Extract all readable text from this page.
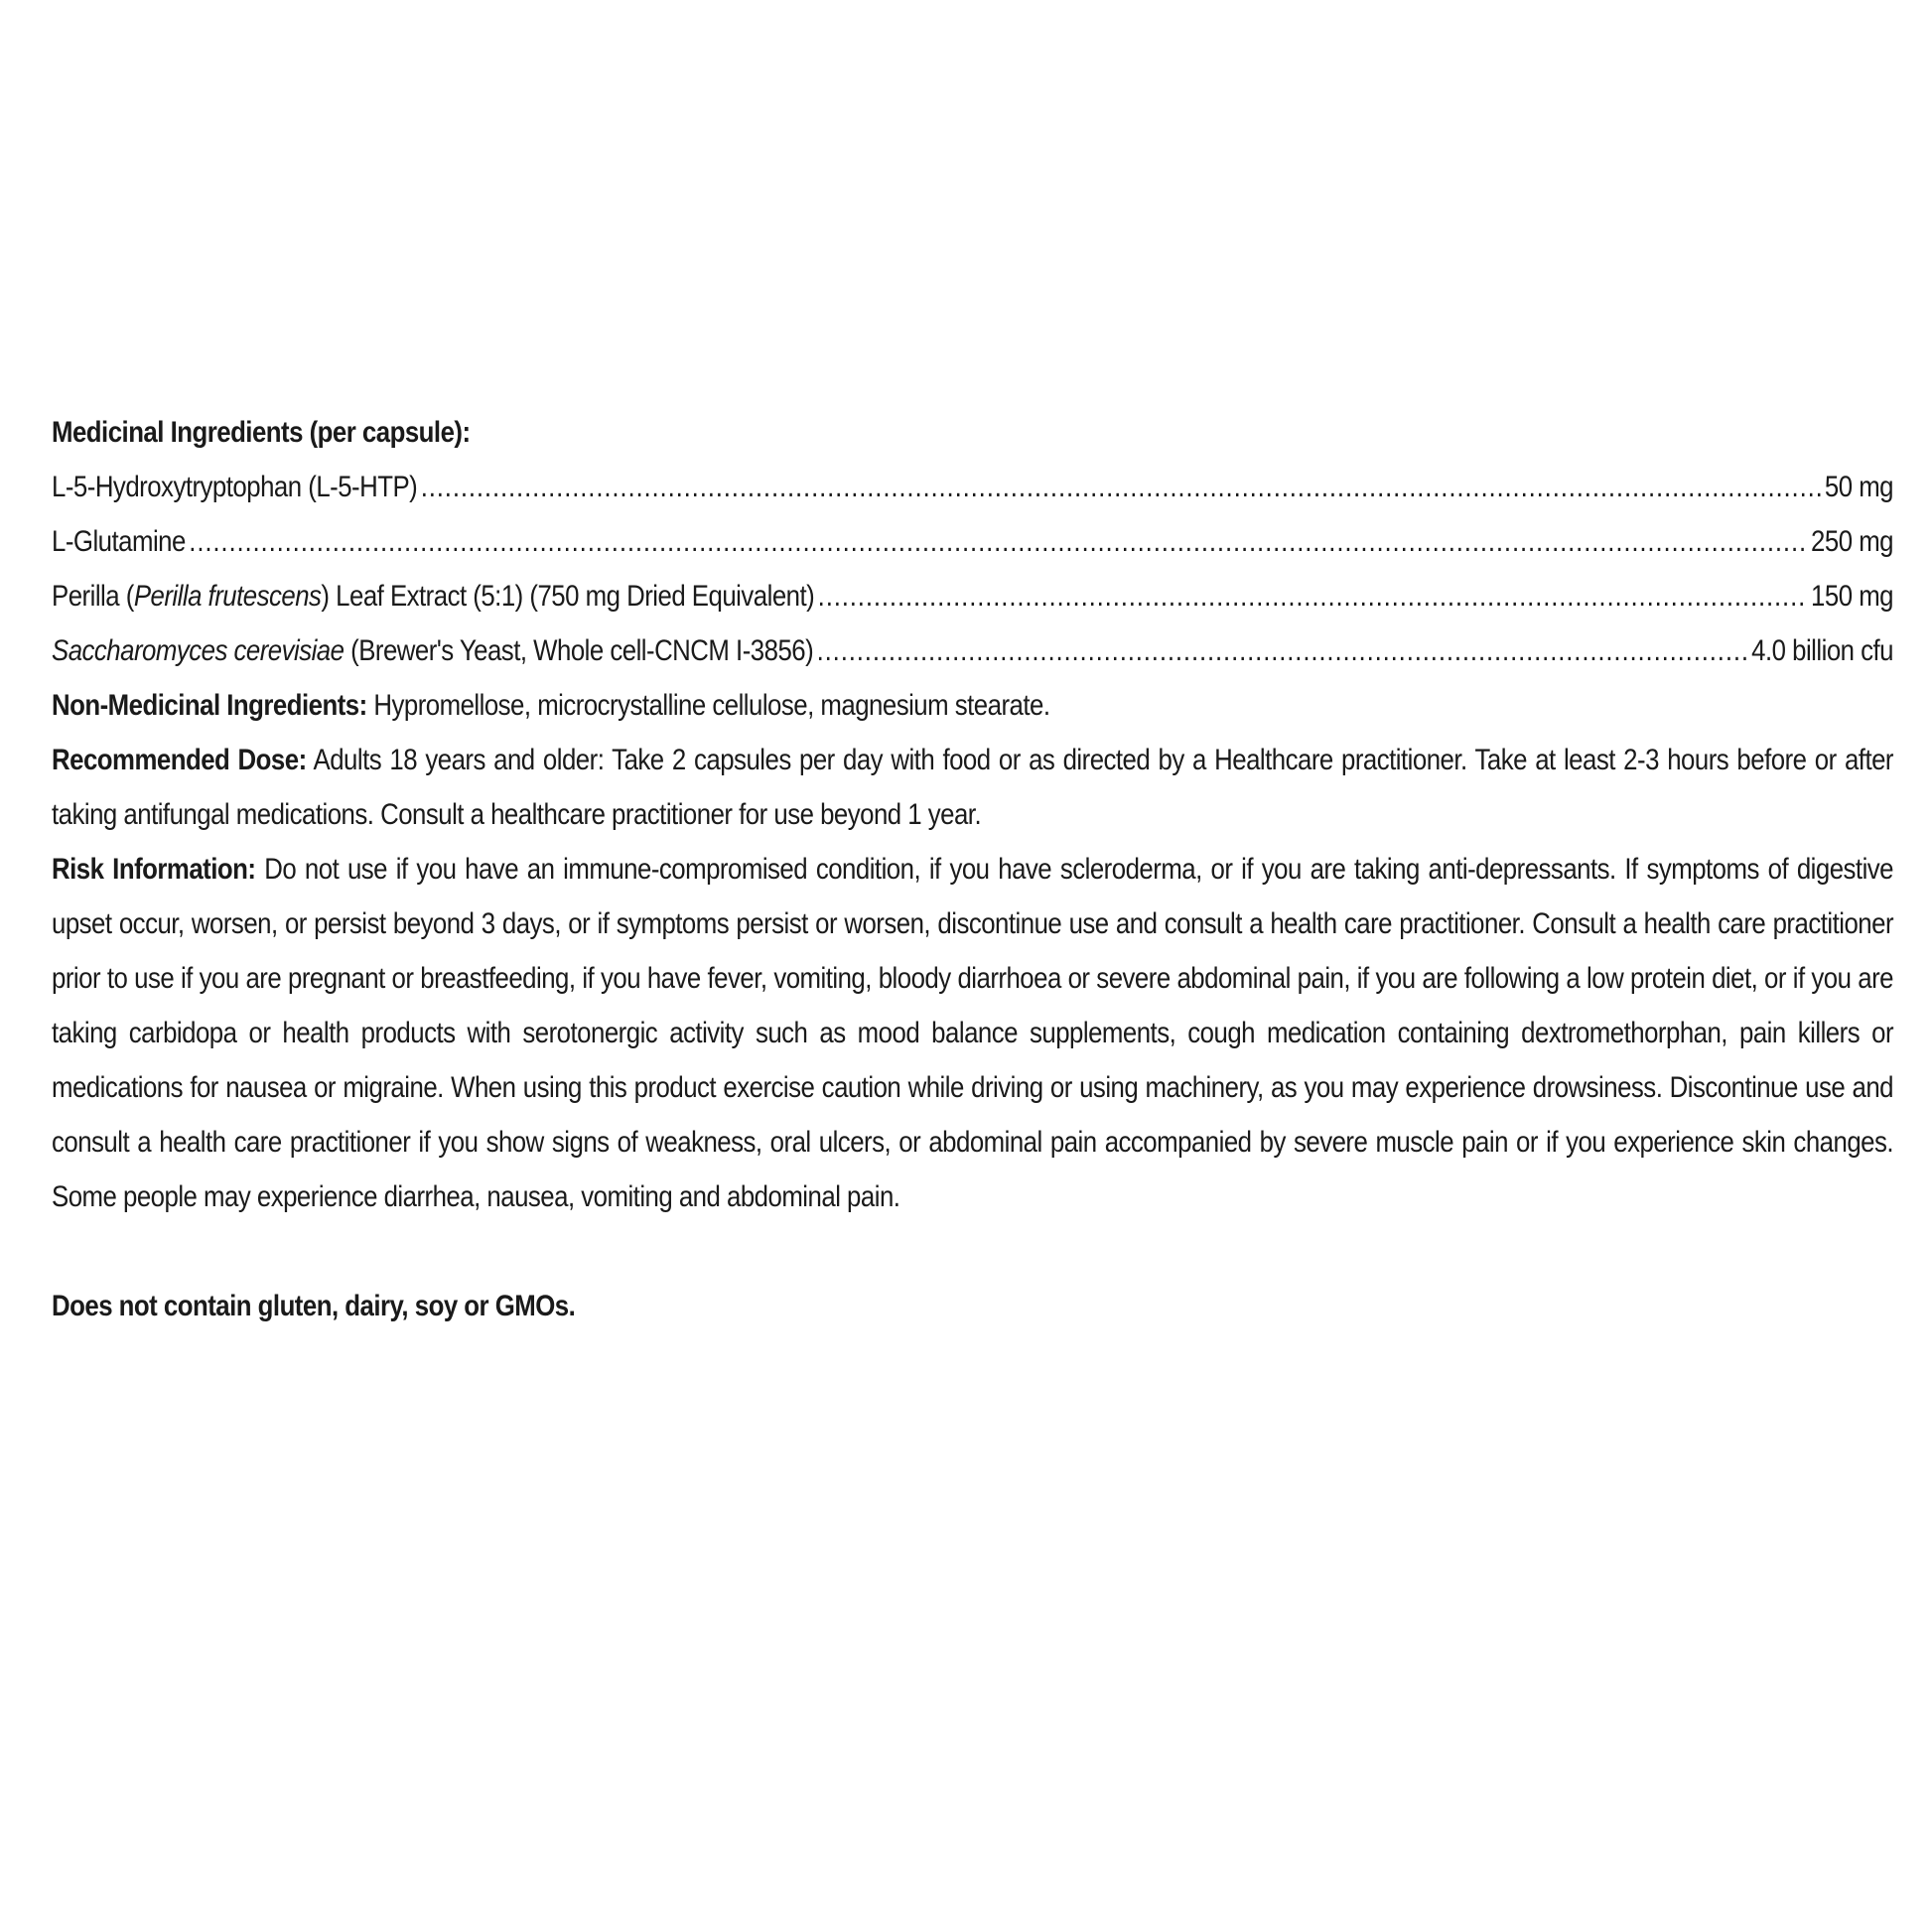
Medicinal Ingredients (per capsule):
L-5-Hydroxytryptophan (L-5-HTP) .....	50 mg
L-Glutamine .....	250 mg
Perilla (Perilla frutescens) Leaf Extract (5:1) (750 mg Dried Equivalent) .....	150 mg
Saccharomyces cerevisiae (Brewer's Yeast, Whole cell-CNCM I-3856) .....	4.0 billion cfu

Non-Medicinal Ingredients: Hypromellose, microcrystalline cellulose, magnesium stearate.

Recommended Dose: Adults 18 years and older: Take 2 capsules per day with food or as directed by a Healthcare practitioner. Take at least 2-3 hours before or after taking antifungal medications. Consult a healthcare practitioner for use beyond 1 year.

Risk Information: Do not use if you have an immune-compromised condition, if you have scleroderma, or if you are taking anti-depressants. If symptoms of digestive upset occur, worsen, or persist beyond 3 days, or if symptoms persist or worsen, discontinue use and consult a health care practitioner. Consult a health care practitioner prior to use if you are pregnant or breastfeeding, if you have fever, vomiting, bloody diarrhoea or severe abdominal pain, if you are following a low protein diet, or if you are taking carbidopa or health products with serotonergic activity such as mood balance supplements, cough medication containing dextromethorphan, pain killers or medications for nausea or migraine. When using this product exercise caution while driving or using machinery, as you may experience drowsiness. Discontinue use and consult a health care practitioner if you show signs of weakness, oral ulcers, or abdominal pain accompanied by severe muscle pain or if you experience skin changes. Some people may experience diarrhea, nausea, vomiting and abdominal pain.

Does not contain gluten, dairy, soy or GMOs.
